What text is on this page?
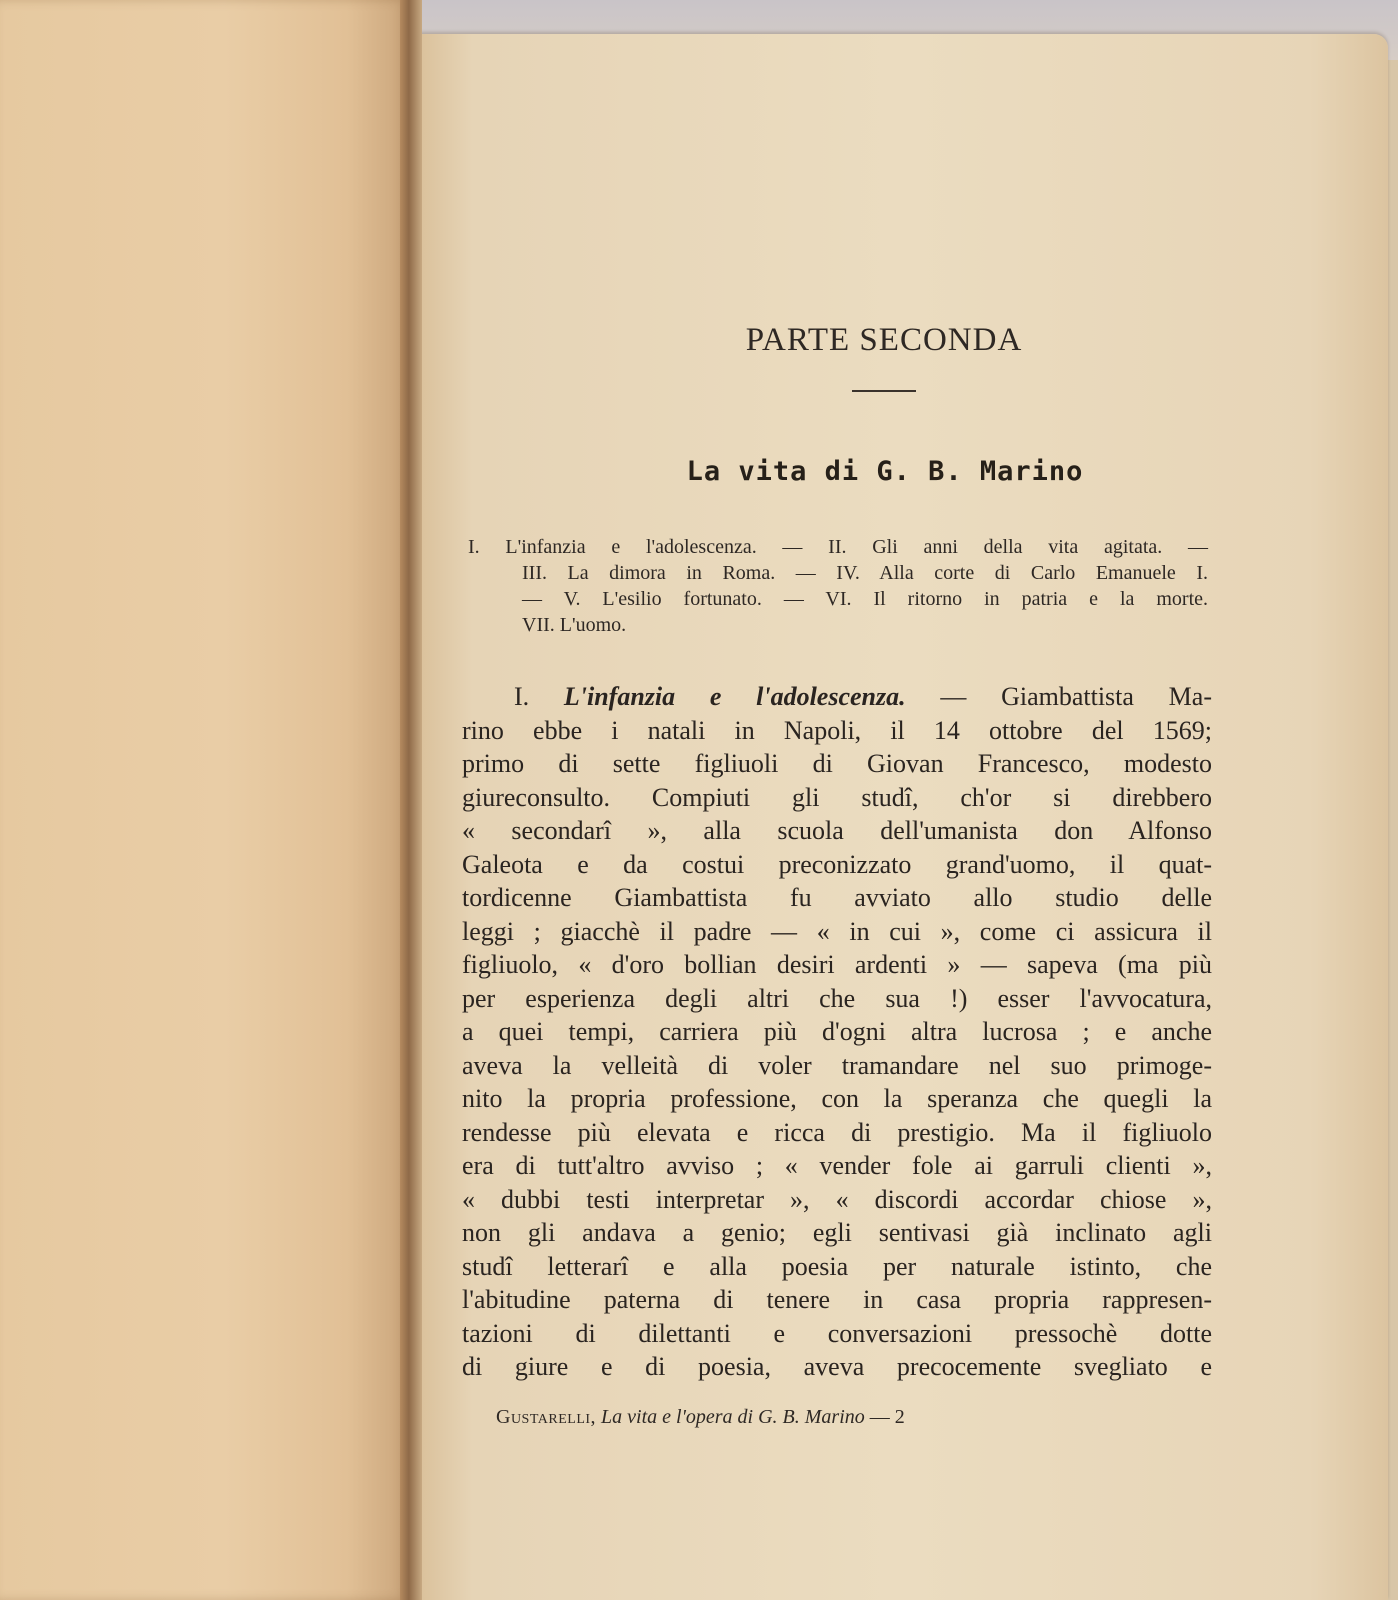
PARTE SECONDA
La vita di G. B. Marino
I. L'infanzia e l'adolescenza. — II. Gli anni della vita agitata. —
III. La dimora in Roma. — IV. Alla corte di Carlo Emanuele I.
— V. L'esilio fortunato. — VI. Il ritorno in patria e la morte.
VII. L'uomo.
I. L'infanzia e l'adolescenza. — Giambattista Ma-
rino ebbe i natali in Napoli, il 14 ottobre del 1569;
primo di sette figliuoli di Giovan Francesco, modesto
giureconsulto. Compiuti gli studî, ch'or si direbbero
« secondarî », alla scuola dell'umanista don Alfonso
Galeota e da costui preconizzato grand'uomo, il quat-
tordicenne Giambattista fu avviato allo studio delle
leggi ; giacchè il padre — « in cui », come ci assicura il
figliuolo, « d'oro bollian desiri ardenti » — sapeva (ma più
per esperienza degli altri che sua !) esser l'avvocatura,
a quei tempi, carriera più d'ogni altra lucrosa ; e anche
aveva la velleità di voler tramandare nel suo primoge-
nito la propria professione, con la speranza che quegli la
rendesse più elevata e ricca di prestigio. Ma il figliuolo
era di tutt'altro avviso ; « vender fole ai garruli clienti »,
« dubbi testi interpretar », « discordi accordar chiose »,
non gli andava a genio; egli sentivasi già inclinato agli
studî letterarî e alla poesia per naturale istinto, che
l'abitudine paterna di tenere in casa propria rappresen-
tazioni di dilettanti e conversazioni pressochè dotte
di giure e di poesia, aveva precocemente svegliato e
Gustarelli, La vita e l'opera di G. B. Marino — 2
